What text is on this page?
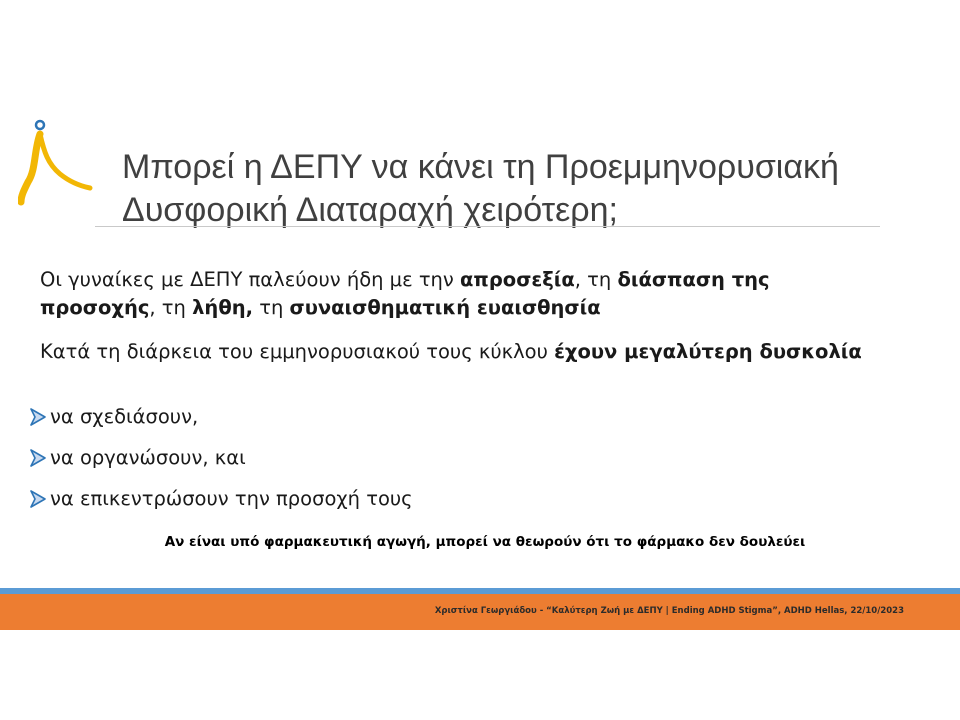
Μπορεί η ΔΕΠΥ να κάνει τη Προεμμηνορυσιακή
Δυσφορική Διαταραχή χειρότερη;
Οι γυναίκες με ΔΕΠΥ παλεύουν ήδη με την απροσεξία, τη διάσπαση της προσοχής, τη λήθη, τη συναισθηματική ευαισθησία
Κατά τη διάρκεια του εμμηνορυσιακού τους κύκλου έχουν μεγαλύτερη δυσκολία
να σχεδιάσουν,
να οργανώσουν, και
να επικεντρώσουν την προσοχή τους
Αν είναι υπό φαρμακευτική αγωγή, μπορεί να θεωρούν ότι το φάρμακο δεν δουλεύει
Χριστίνα Γεωργιάδου - “Καλύτερη Ζωή με ΔΕΠΥ | Ending ADHD Stigma”, ADHD Hellas, 22/10/2023
